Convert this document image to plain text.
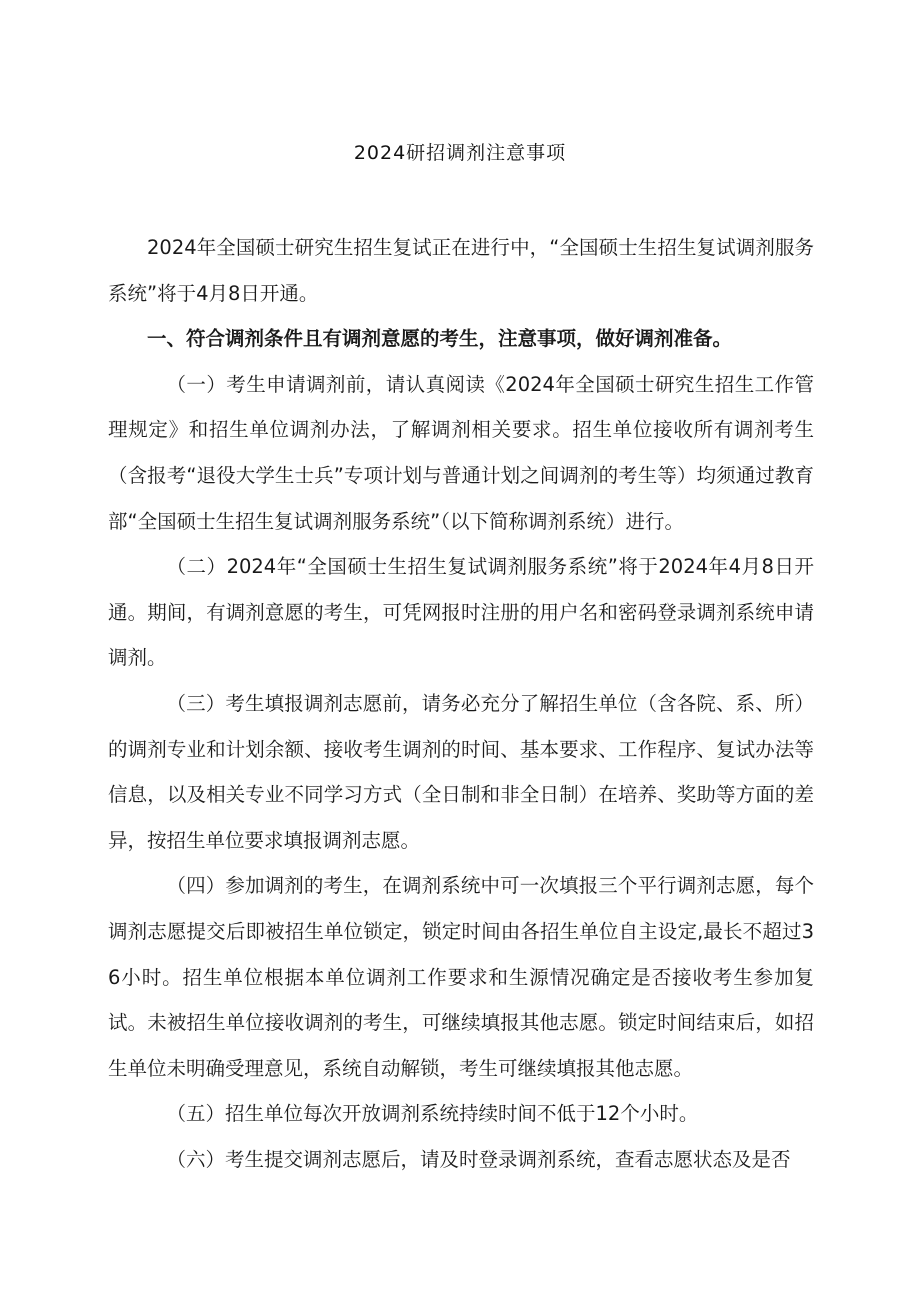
2024研招调剂注意事项

2024年全国硕士研究生招生复试正在进行中，“全国硕士生招生复试调剂服务系统”将于4月8日开通。

一、符合调剂条件且有调剂意愿的考生，注意事项，做好调剂准备。

（一）考生申请调剂前，请认真阅读《2024年全国硕士研究生招生工作管理规定》和招生单位调剂办法，了解调剂相关要求。招生单位接收所有调剂考生（含报考“退役大学生士兵”专项计划与普通计划之间调剂的考生等）均须通过教育部“全国硕士生招生复试调剂服务系统”（以下简称调剂系统）进行。

（二）2024年“全国硕士生招生复试调剂服务系统”将于2024年4月8日开通。期间，有调剂意愿的考生，可凭网报时注册的用户名和密码登录调剂系统申请调剂。

（三）考生填报调剂志愿前，请务必充分了解招生单位（含各院、系、所）的调剂专业和计划余额、接收考生调剂的时间、基本要求、工作程序、复试办法等信息，以及相关专业不同学习方式（全日制和非全日制）在培养、奖助等方面的差异，按招生单位要求填报调剂志愿。

（四）参加调剂的考生，在调剂系统中可一次填报三个平行调剂志愿，每个调剂志愿提交后即被招生单位锁定，锁定时间由各招生单位自主设定,最长不超过36小时。招生单位根据本单位调剂工作要求和生源情况确定是否接收考生参加复试。未被招生单位接收调剂的考生，可继续填报其他志愿。锁定时间结束后，如招生单位未明确受理意见，系统自动解锁，考生可继续填报其他志愿。

（五）招生单位每次开放调剂系统持续时间不低于12个小时。

（六）考生提交调剂志愿后，请及时登录调剂系统，查看志愿状态及是否
